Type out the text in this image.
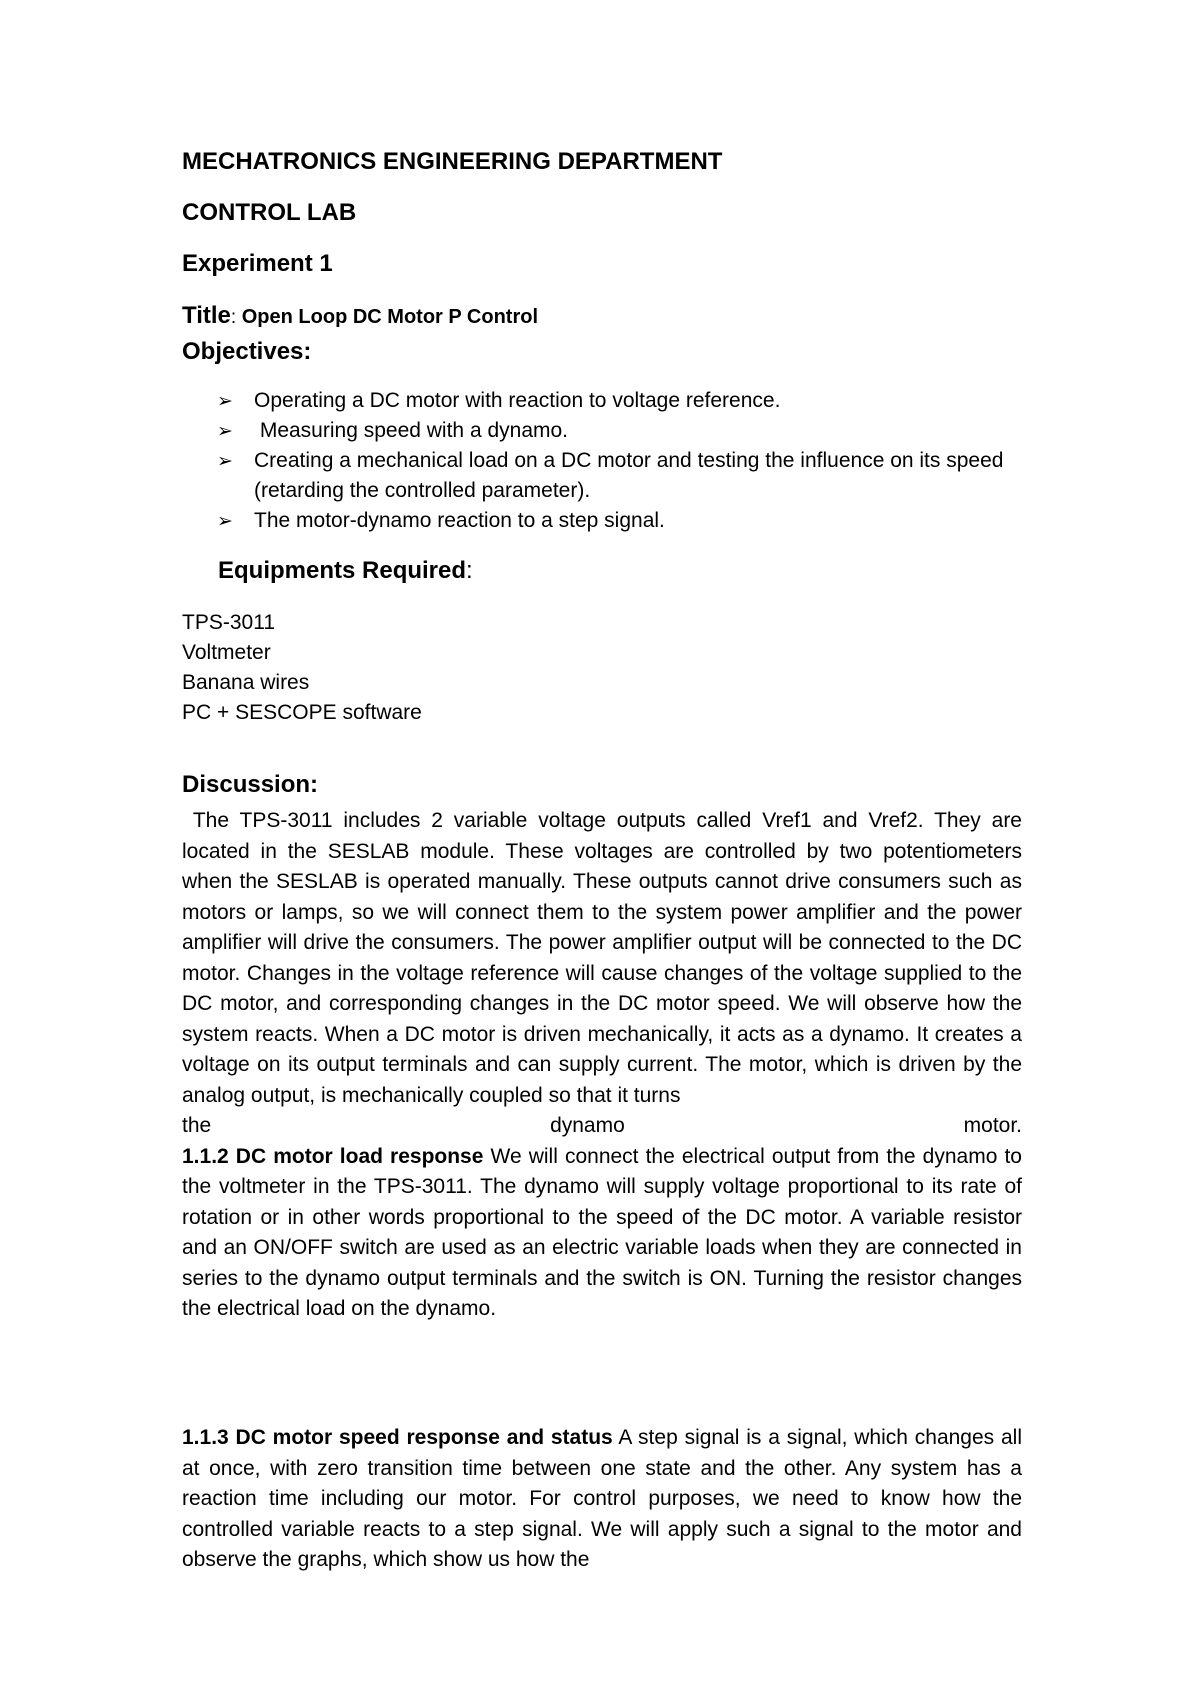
MECHATRONICS ENGINEERING DEPARTMENT
CONTROL LAB
Experiment 1
Title: Open Loop DC Motor P Control
Objectives:
➢ Operating a DC motor with reaction to voltage reference.
➢ Measuring speed with a dynamo.
➢ Creating a mechanical load on a DC motor and testing the influence on its speed (retarding the controlled parameter).
➢ The motor-dynamo reaction to a step signal.
Equipments Required:
TPS-3011
Voltmeter
Banana wires
PC + SESCOPE software
Discussion:
The TPS-3011 includes 2 variable voltage outputs called Vref1 and Vref2. They are located in the SESLAB module. These voltages are controlled by two potentiometers when the SESLAB is operated manually. These outputs cannot drive consumers such as motors or lamps, so we will connect them to the system power amplifier and the power amplifier will drive the consumers. The power amplifier output will be connected to the DC motor. Changes in the voltage reference will cause changes of the voltage supplied to the DC motor, and corresponding changes in the DC motor speed. We will observe how the system reacts. When a DC motor is driven mechanically, it acts as a dynamo. It creates a voltage on its output terminals and can supply current. The motor, which is driven by the analog output, is mechanically coupled so that it turns
the	dynamo	motor.
1.1.2 DC motor load response We will connect the electrical output from the dynamo to the voltmeter in the TPS-3011. The dynamo will supply voltage proportional to its rate of rotation or in other words proportional to the speed of the DC motor. A variable resistor and an ON/OFF switch are used as an electric variable loads when they are connected in series to the dynamo output terminals and the switch is ON. Turning the resistor changes the electrical load on the dynamo.
1.1.3 DC motor speed response and status A step signal is a signal, which changes all at once, with zero transition time between one state and the other. Any system has a reaction time including our motor. For control purposes, we need to know how the controlled variable reacts to a step signal. We will apply such a signal to the motor and observe the graphs, which show us how the
